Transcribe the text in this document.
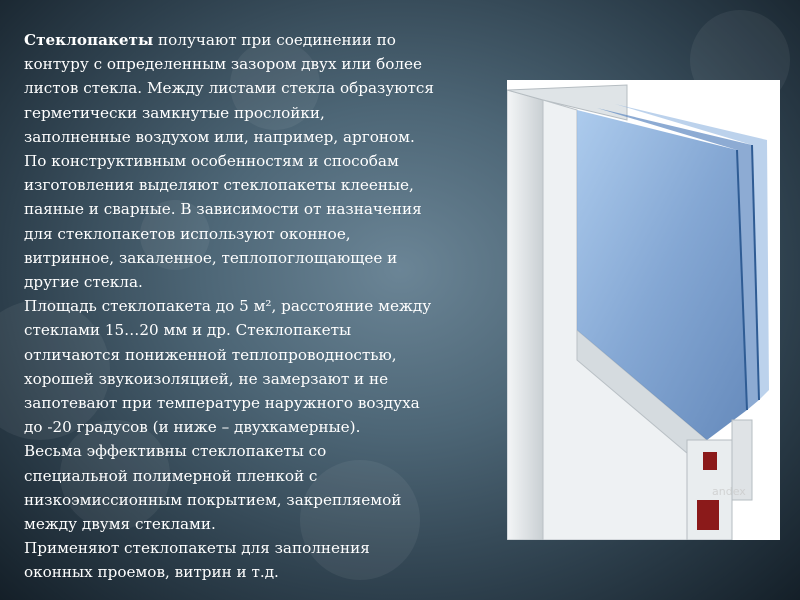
Стеклопакеты получают при соединении по
контуру с определенным зазором двух или более
листов стекла. Между листами стекла образуются
герметически замкнутые прослойки,
заполненные воздухом или, например, аргоном.
По конструктивным особенностям и способам
изготовления выделяют стеклопакеты клееные,
паяные и сварные. В зависимости от назначения
для стеклопакетов используют оконное,
витринное, закаленное, теплопоглощающее и
другие стекла.
Площадь стеклопакета до 5 м², расстояние между
стеклами 15…20 мм и др. Стеклопакеты
отличаются пониженной теплопроводностью,
хорошей звукоизоляцией, не замерзают и не
запотевают при температуре наружного воздуха
до -20 градусов (и ниже – двухкамерные).
Весьма эффективны стеклопакеты со
специальной полимерной пленкой с
низкоэмиссионным покрытием, закрепляемой
между двумя стеклами.
Применяют стеклопакеты для заполнения
оконных проемов, витрин и т.д.
andex
